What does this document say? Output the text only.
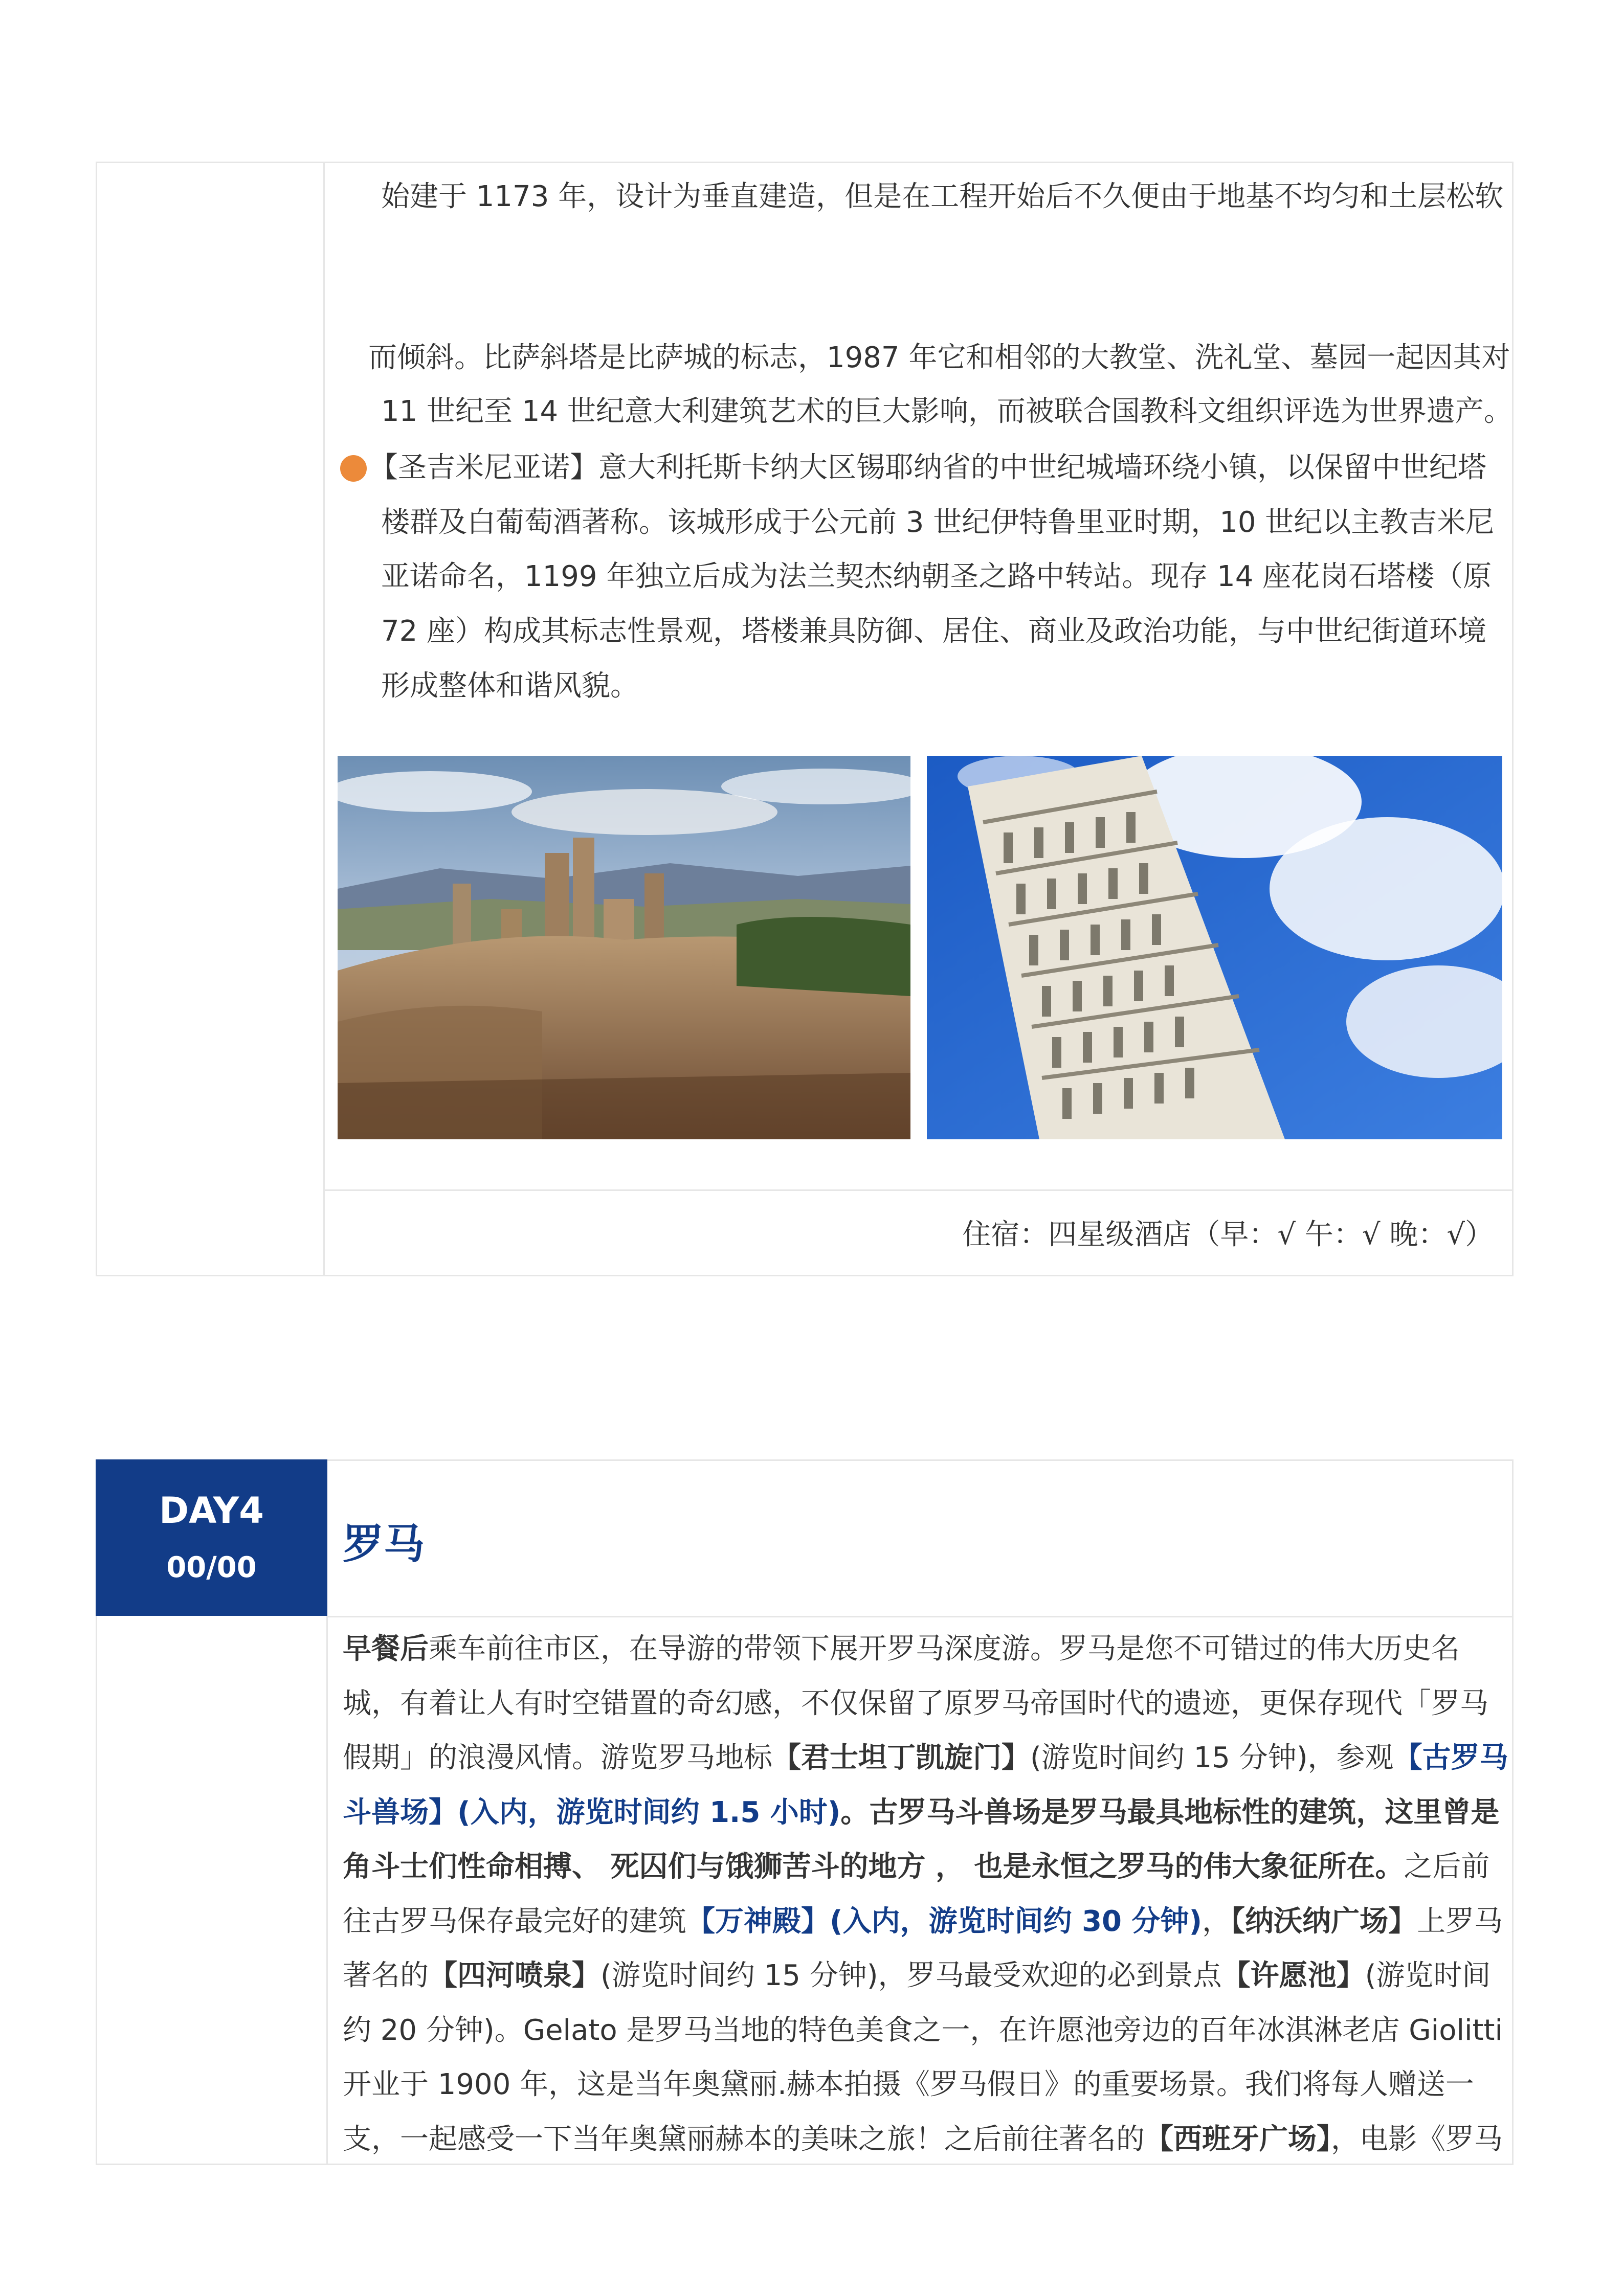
始建于 1173 年，设计为垂直建造，但是在工程开始后不久便由于地基不均匀和土层松软
而倾斜。比萨斜塔是比萨城的标志，1987 年它和相邻的大教堂、洗礼堂、墓园一起因其对
11 世纪至 14 世纪意大利建筑艺术的巨大影响，而被联合国教科文组织评选为世界遗产。
【圣吉米尼亚诺】意大利托斯卡纳大区锡耶纳省的中世纪城墙环绕小镇，以保留中世纪塔
楼群及白葡萄酒著称。该城形成于公元前 3 世纪伊特鲁里亚时期，10 世纪以主教吉米尼
亚诺命名，1199 年独立后成为法兰契杰纳朝圣之路中转站。现存 14 座花岗石塔楼（原
72 座）构成其标志性景观，塔楼兼具防御、居住、商业及政治功能，与中世纪街道环境
形成整体和谐风貌。
住宿：四星级酒店（早：√ 午：√ 晚：√）
DAY4
00/00	罗马
早餐后乘车前往市区，在导游的带领下展开罗马深度游。罗马是您不可错过的伟大历史名
城，有着让人有时空错置的奇幻感，不仅保留了原罗马帝国时代的遗迹，更保存现代「罗马
假期」的浪漫风情。游览罗马地标【君士坦丁凯旋门】(游览时间约 15 分钟)，参观【古罗马
斗兽场】(入内，游览时间约 1.5 小时)。古罗马斗兽场是罗马最具地标性的建筑，这里曾是
角斗士们性命相搏、 死囚们与饿狮苦斗的地方 ， 也是永恒之罗马的伟大象征所在。之后前
往古罗马保存最完好的建筑【万神殿】(入内，游览时间约 30 分钟)，【纳沃纳广场】上罗马
著名的【四河喷泉】(游览时间约 15 分钟)，罗马最受欢迎的必到景点【许愿池】(游览时间
约 20 分钟)。Gelato 是罗马当地的特色美食之一，在许愿池旁边的百年冰淇淋老店 Giolitti
开业于 1900 年，这是当年奥黛丽.赫本拍摄《罗马假日》的重要场景。我们将每人赠送一
支，一起感受一下当年奥黛丽赫本的美味之旅！之后前往著名的【西班牙广场】，电影《罗马
